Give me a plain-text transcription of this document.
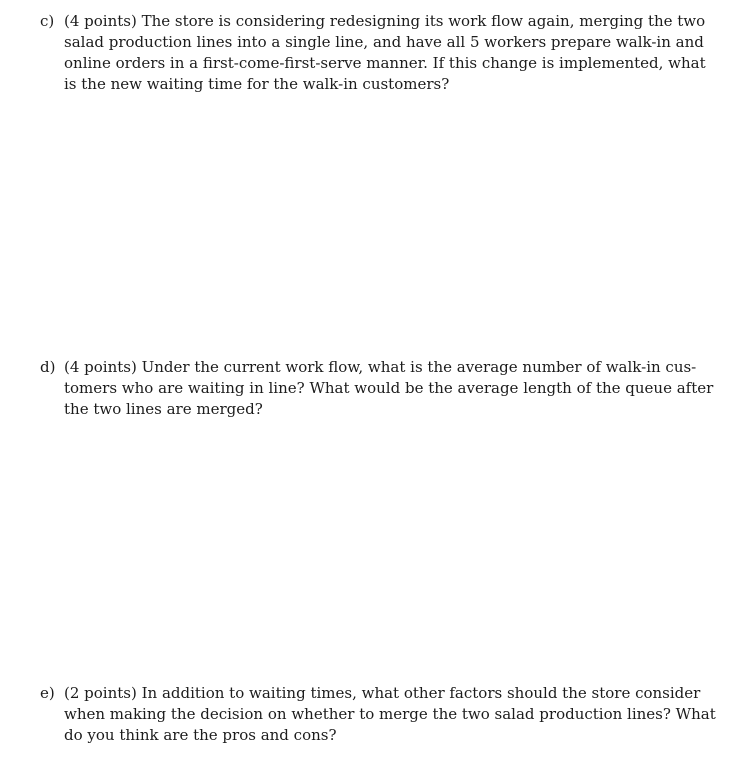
c) (4 points) The store is considering redesigning its work flow again, merging the two
salad production lines into a single line, and have all 5 workers prepare walk-in and
online orders in a first-come-first-serve manner. If this change is implemented, what
is the new waiting time for the walk-in customers?
d) (4 points) Under the current work flow, what is the average number of walk-in cus-
tomers who are waiting in line? What would be the average length of the queue after
the two lines are merged?
e) (2 points) In addition to waiting times, what other factors should the store consider
when making the decision on whether to merge the two salad production lines? What
do you think are the pros and cons?
